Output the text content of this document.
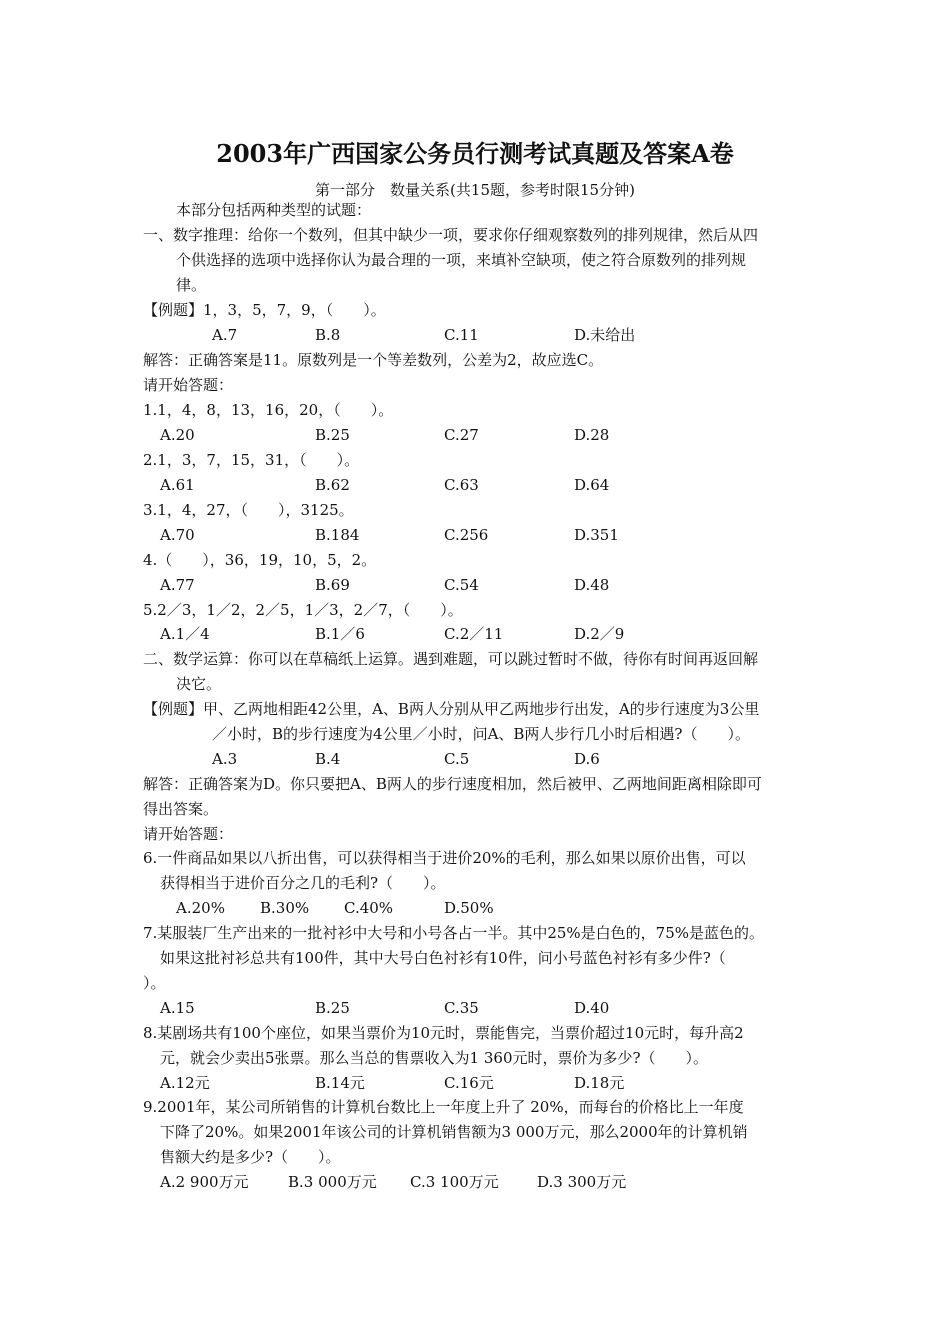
2003年广西国家公务员行测考试真题及答案A卷
第一部分　数量关系(共15题，参考时限15分钟)
本部分包括两种类型的试题：
一、数字推理：给你一个数列，但其中缺少一项，要求你仔细观察数列的排列规律，然后从四
个供选择的选项中选择你认为最合理的一项，来填补空缺项，使之符合原数列的排列规
律。
【例题】1，3，5，7，9，（　　）。
A.7	B.8	C.11	D.未给出
解答：正确答案是11。原数列是一个等差数列，公差为2，故应选C。
请开始答题：
1.1，4，8，13，16，20，（　　）。
A.20	B.25	C.27	D.28
2.1，3，7，15，31，（　　）。
A.61	B.62	C.63	D.64
3.1，4，27，（　　），3125。
A.70	B.184	C.256	D.351
4.（　　），36，19，10，5，2。
A.77	B.69	C.54	D.48
5.2／3，1／2，2／5，1／3，2／7，（　　）。
A.1／4	B.1／6	C.2／11	D.2／9
二、数学运算：你可以在草稿纸上运算。遇到难题，可以跳过暂时不做，待你有时间再返回解
决它。
【例题】甲、乙两地相距42公里，A、B两人分别从甲乙两地步行出发，A的步行速度为3公里
／小时，B的步行速度为4公里／小时，问A、B两人步行几小时后相遇?（　　）。
A.3	B.4	C.5	D.6
解答：正确答案为D。你只要把A、B两人的步行速度相加，然后被甲、乙两地间距离相除即可
得出答案。
请开始答题：
6.一件商品如果以八折出售，可以获得相当于进价20%的毛利，那么如果以原价出售，可以
获得相当于进价百分之几的毛利?（　　）。
A.20% B.30% C.40%	D.50%
7.某服装厂生产出来的一批衬衫中大号和小号各占一半。其中25%是白色的，75%是蓝色的。
如果这批衬衫总共有100件，其中大号白色衬衫有10件，问小号蓝色衬衫有多少件?（
）。
A.15	B.25	C.35	D.40
8.某剧场共有100个座位，如果当票价为10元时，票能售完，当票价超过10元时，每升高2
元，就会少卖出5张票。那么当总的售票收入为1 360元时，票价为多少?（　　）。
A.12元	B.14元	C.16元	D.18元
9.2001年，某公司所销售的计算机台数比上一年度上升了 20%，而每台的价格比上一年度
下降了20%。如果2001年该公司的计算机销售额为3 000万元，那么2000年的计算机销
售额大约是多少?（　　）。
A.2 900万元	B.3 000万元 C.3 100万元	D.3 300万元
